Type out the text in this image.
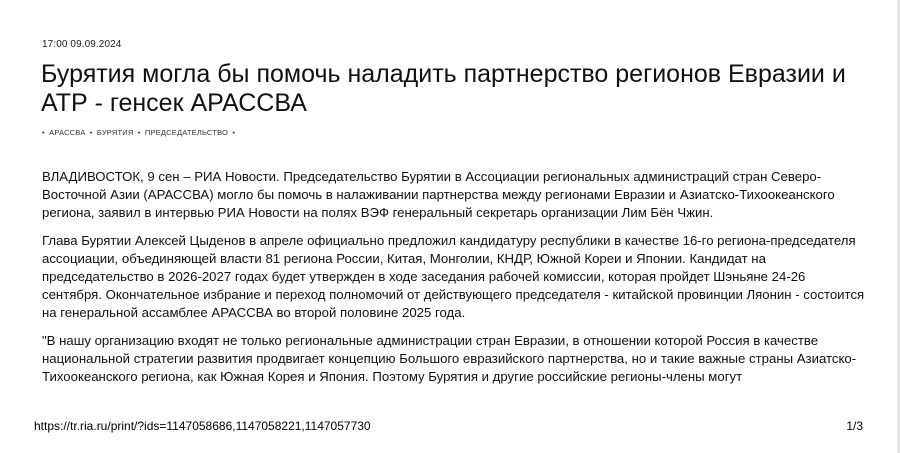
17:00 09.09.2024
Бурятия могла бы помочь наладить партнерство регионов Евразии и АТР - генсек АРАССВА
• АРАССВА • БУРЯТИЯ • ПРЕДСЕДАТЕЛЬСТВО •

ВЛАДИВОСТОК, 9 сен – РИА Новости. Председательство Бурятии в Ассоциации региональных администраций стран Северо-Восточной Азии (АРАССВА) могло бы помочь в налаживании партнерства между регионами Евразии и Азиатско-Тихоокеанского региона, заявил в интервью РИА Новости на полях ВЭФ генеральный секретарь организации Лим Бён Чжин.

Глава Бурятии Алексей Цыденов в апреле официально предложил кандидатуру республики в качестве 16-го региона-председателя ассоциации, объединяющей власти 81 региона России, Китая, Монголии, КНДР, Южной Кореи и Японии. Кандидат на председательство в 2026-2027 годах будет утвержден в ходе заседания рабочей комиссии, которая пройдет Шэньяне 24-26 сентября. Окончательное избрание и переход полномочий от действующего председателя - китайской провинции Ляонин - состоится на генеральной ассамблее АРАССВА во второй половине 2025 года.

"В нашу организацию входят не только региональные администрации стран Евразии, в отношении которой Россия в качестве национальной стратегии развития продвигает концепцию Большого евразийского партнерства, но и такие важные страны Азиатско-Тихоокеанского региона, как Южная Корея и Япония. Поэтому Бурятия и другие российские регионы-члены могут

https://tr.ria.ru/print/?ids=1147058686,1147058221,1147057730	1/3
